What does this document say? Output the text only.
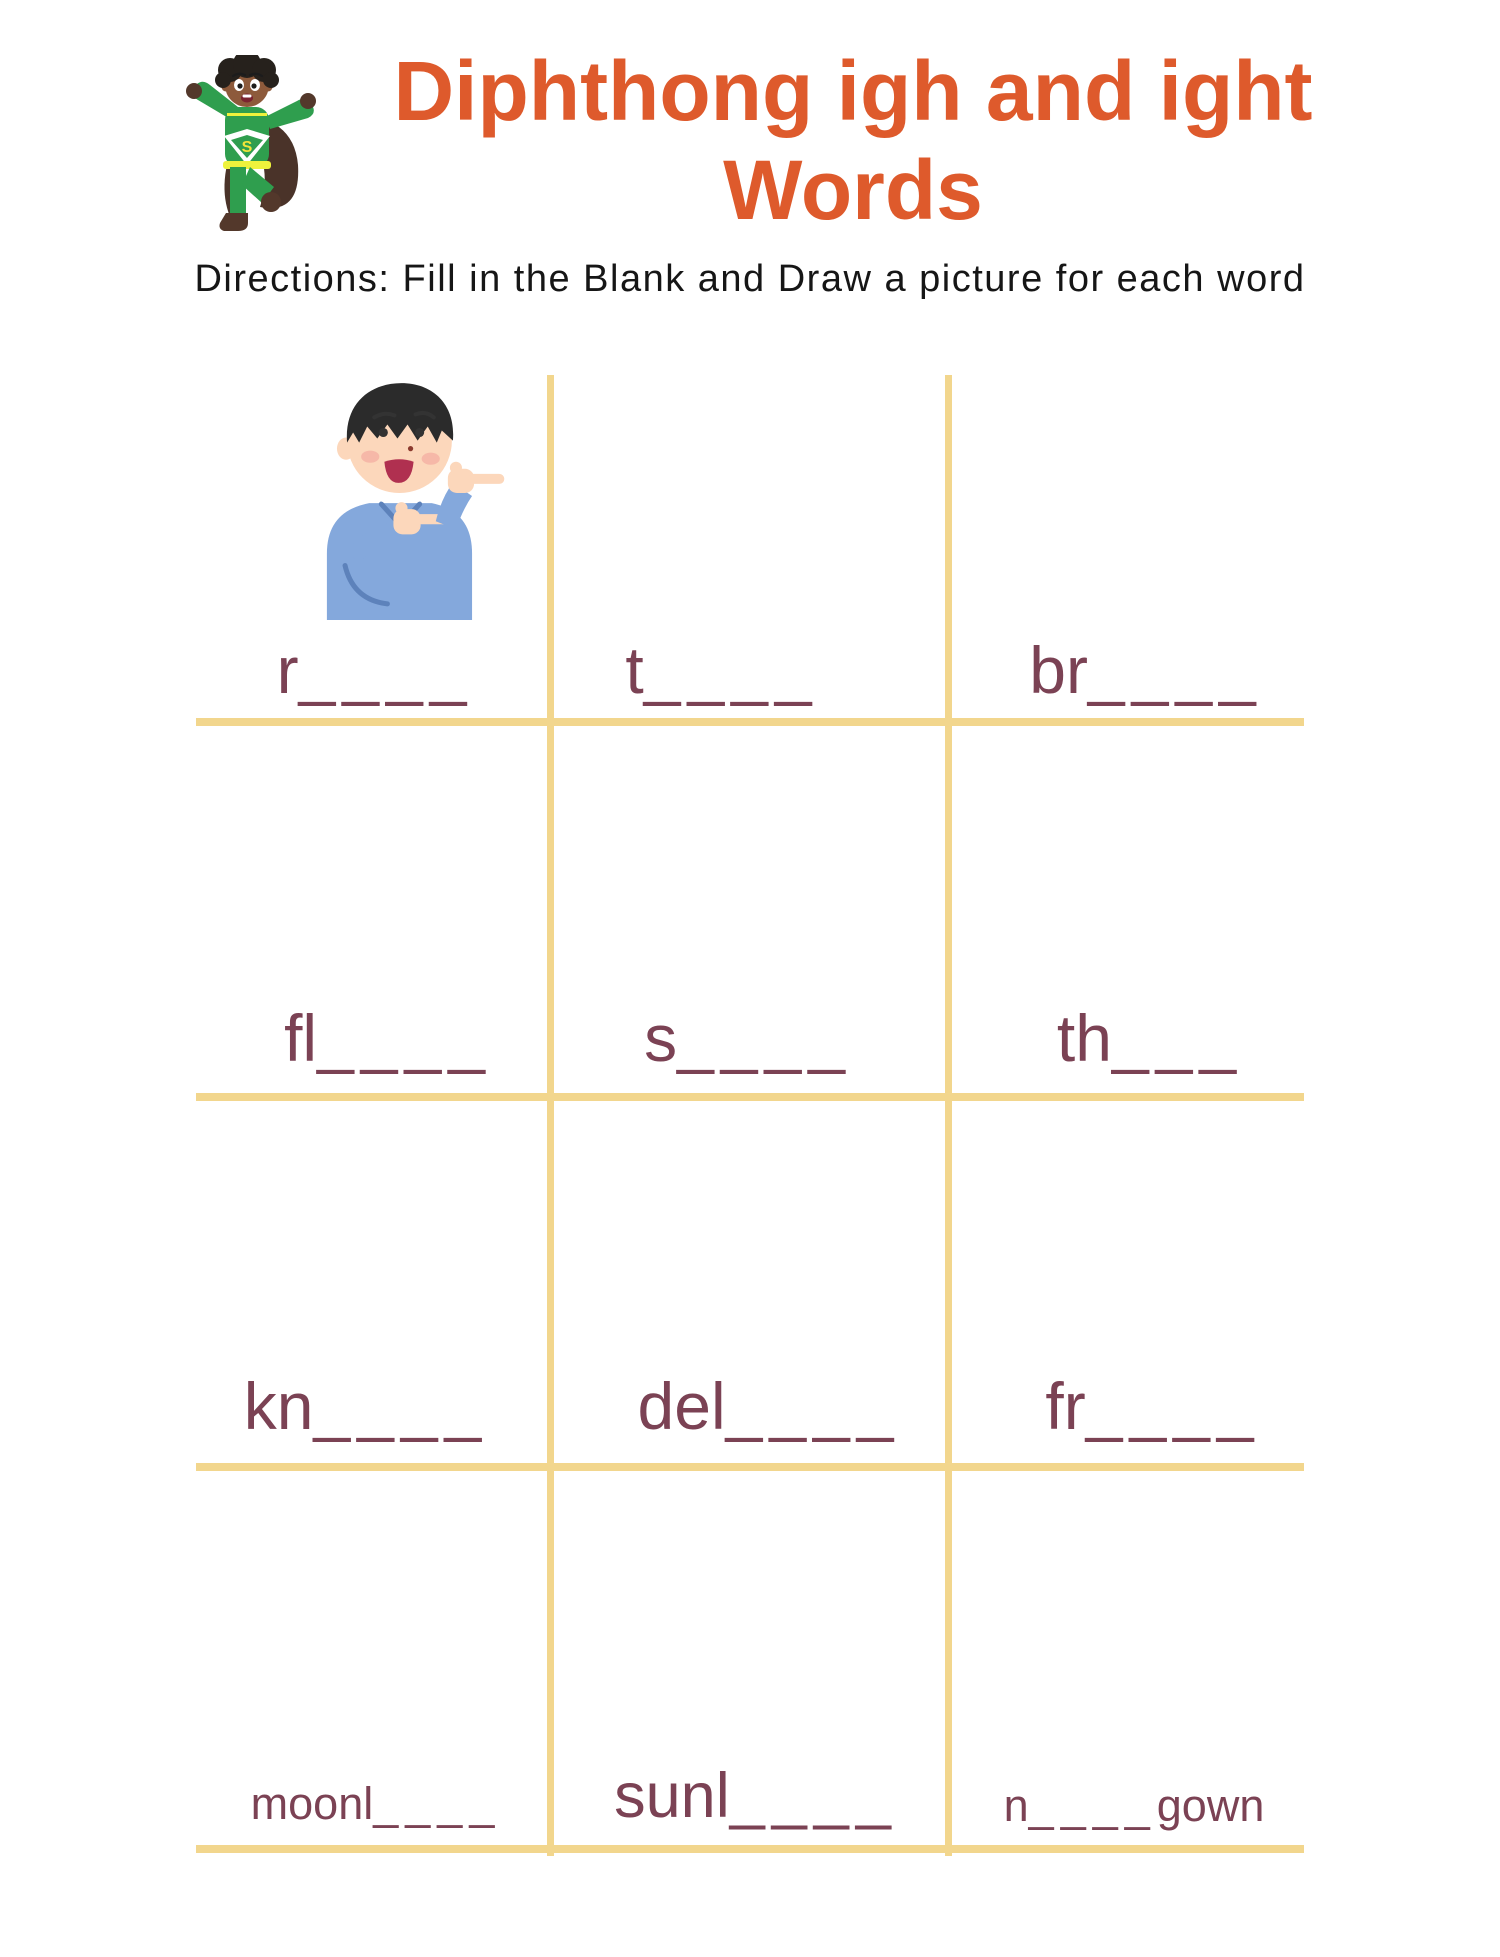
S
Diphthong igh and ight
Words
Directions: Fill in the Blank and Draw a picture for each word
r____	t____	br____
fl____	s____	th___
kn____	del____	fr____
moonl____	sunl____	n____gown
